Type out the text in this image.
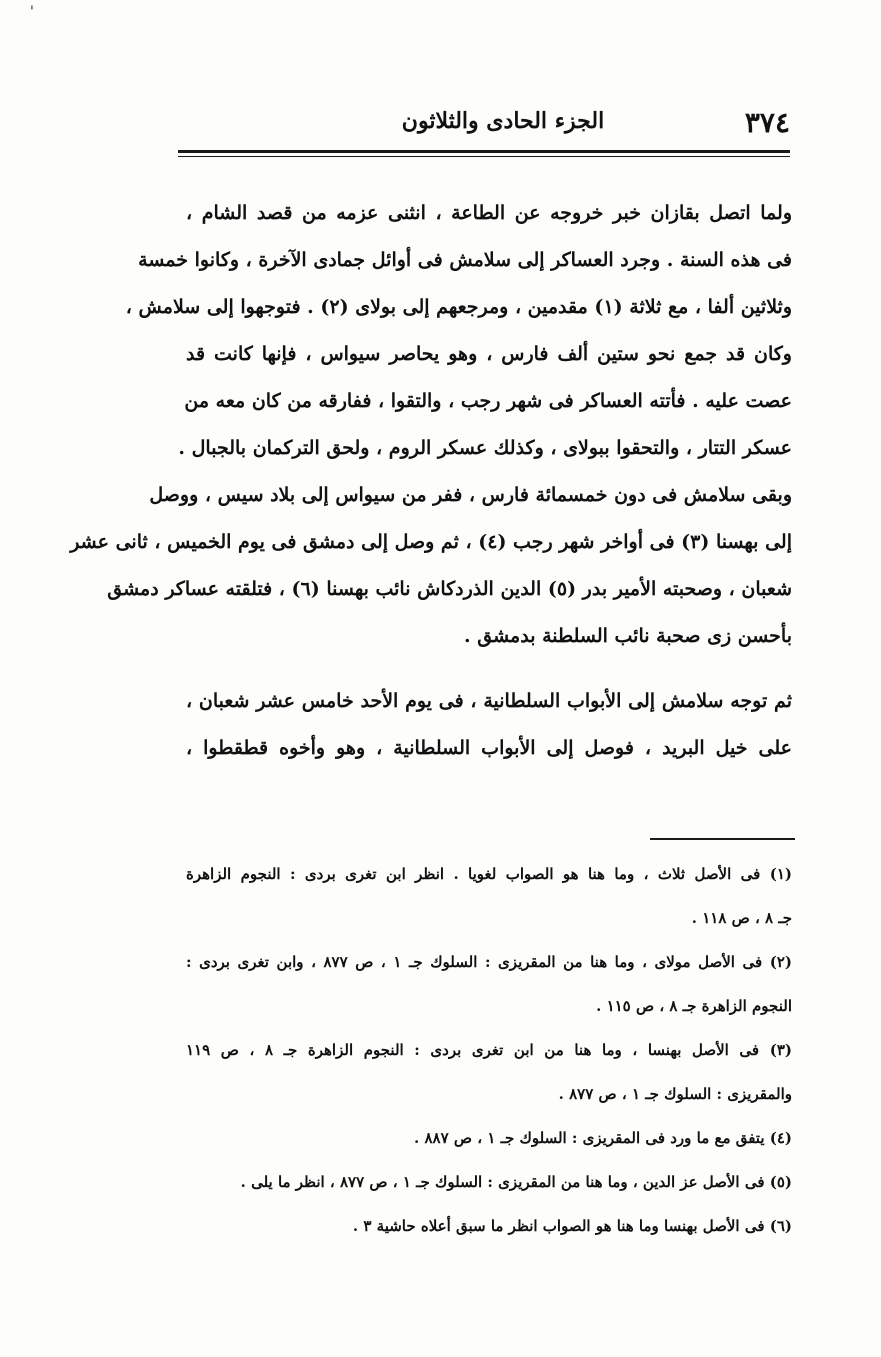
'
الجزء الحادى والثلاثون	٣٧٤
ولما اتصل بقازان خبر خروجه عن الطاعة ، انثنى عزمه من قصد الشام ،
فى هذه السنة . وجرد العساكر إلى سلامش فى أوائل جمادى الآخرة ، وكانوا خمسة
وثلاثين ألفا ، مع ثلاثة (١) مقدمين ، ومرجعهم إلى بولاى (٢) . فتوجهوا إلى سلامش ،
وكان قد جمع نحو ستين ألف فارس ، وهو يحاصر سيواس ، فإنها كانت قد
عصت عليه . فأتته العساكر فى شهر رجب ، والتقوا ، ففارقه من كان معه من
عسكر التتار ، والتحقوا ببولاى ، وكذلك عسكر الروم ، ولحق التركمان بالجبال .
وبقى سلامش فى دون خمسمائة فارس ، ففر من سيواس إلى بلاد سيس ، ووصل
إلى بهسنا (٣) فى أواخر شهر رجب (٤) ، ثم وصل إلى دمشق فى يوم الخميس ، ثانى عشر
شعبان ، وصحبته الأمير بدر (٥) الدين الذردكاش نائب بهسنا (٦) ، فتلقته عساكر دمشق
بأحسن زى صحبة نائب السلطنة بدمشق .
ثم توجه سلامش إلى الأبواب السلطانية ، فى يوم الأحد خامس عشر شعبان ،
على خيل البريد ، فوصل إلى الأبواب السلطانية ، وهو وأخوه قطقطوا ،
(١) فى الأصل ثلاث ، وما هنا هو الصواب لغويا . انظر ابن تغرى بردى : النجوم الزاهرة
جـ ٨ ، ص ١١٨ .
(٢) فى الأصل مولاى ، وما هنا من المقريزى : السلوك جـ ١ ، ص ٨٧٧ ، وابن تغرى بردى :
النجوم الزاهرة جـ ٨ ، ص ١١٥ .
(٣) فى الأصل بهنسا ، وما هنا من ابن تغرى بردى : النجوم الزاهرة جـ ٨ ، ص ١١٩
والمقريزى : السلوك جـ ١ ، ص ٨٧٧ .
(٤) يتفق مع ما ورد فى المقريزى : السلوك جـ ١ ، ص ٨٨٧ .
(٥) فى الأصل عز الدين ، وما هنا من المقريزى : السلوك جـ ١ ، ص ٨٧٧ ، انظر ما يلى .
(٦) فى الأصل بهنسا وما هنا هو الصواب انظر ما سبق أعلاه حاشية ٣ .
